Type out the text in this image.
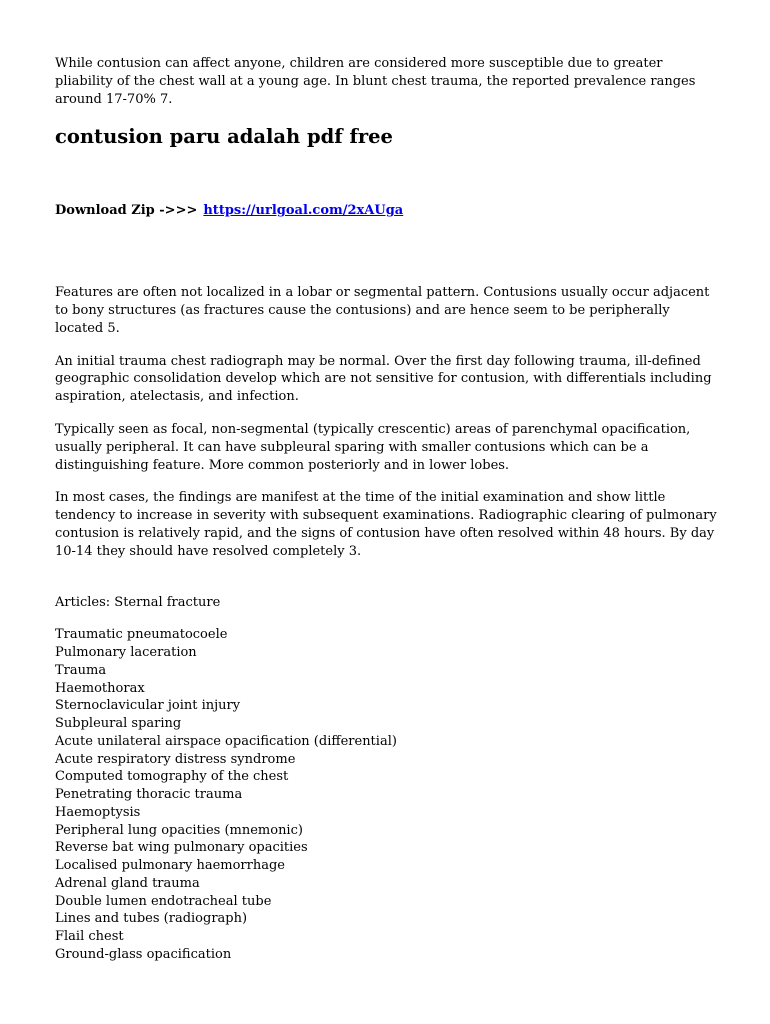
While contusion can affect anyone, children are considered more susceptible due to greater pliability of the chest wall at a young age. In blunt chest trauma, the reported prevalence ranges around 17-70% 7.

contusion paru adalah pdf free
Download Zip ->>> https://urlgoal.com/2xAUga

Features are often not localized in a lobar or segmental pattern. Contusions usually occur adjacent to bony structures (as fractures cause the contusions) and are hence seem to be peripherally located 5.

An initial trauma chest radiograph may be normal. Over the first day following trauma, ill-defined geographic consolidation develop which are not sensitive for contusion, with differentials including aspiration, atelectasis, and infection.

Typically seen as focal, non-segmental (typically crescentic) areas of parenchymal opacification, usually peripheral. It can have subpleural sparing with smaller contusions which can be a distinguishing feature. More common posteriorly and in lower lobes.

In most cases, the findings are manifest at the time of the initial examination and show little tendency to increase in severity with subsequent examinations. Radiographic clearing of pulmonary contusion is relatively rapid, and the signs of contusion have often resolved within 48 hours. By day 10-14 they should have resolved completely 3.

Articles: Sternal fracture

Traumatic pneumatocoele
Pulmonary laceration
Trauma
Haemothorax
Sternoclavicular joint injury
Subpleural sparing
Acute unilateral airspace opacification (differential)
Acute respiratory distress syndrome
Computed tomography of the chest
Penetrating thoracic trauma
Haemoptysis
Peripheral lung opacities (mnemonic)
Reverse bat wing pulmonary opacities
Localised pulmonary haemorrhage
Adrenal gland trauma
Double lumen endotracheal tube
Lines and tubes (radiograph)
Flail chest
Ground-glass opacification
